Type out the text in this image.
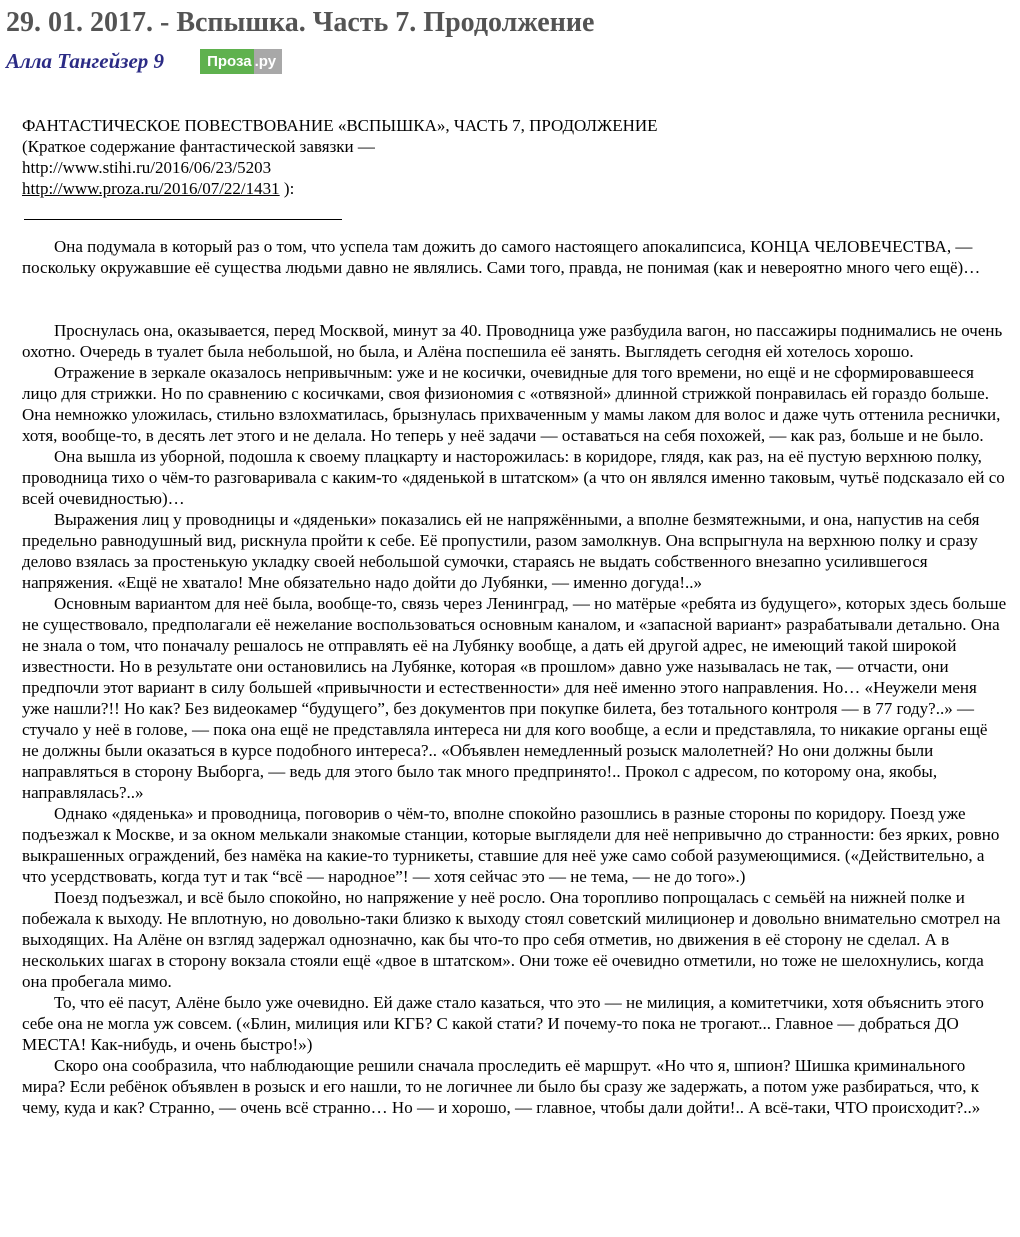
29. 01. 2017. - Вспышка. Часть 7. Продолжение
Алла Тангейзер 9	Проза .ру
ФАНТАСТИЧЕСКОЕ ПОВЕСТВОВАНИЕ «ВСПЫШКА», ЧАСТЬ 7, ПРОДОЛЖЕНИЕ
(Краткое содержание фантастической завязки —
http://www.stihi.ru/2016/06/23/5203
http://www.proza.ru/2016/07/22/1431 ):

Она подумала в который раз о том, что успела там дожить до самого настоящего апокалипсиса, КОНЦА ЧЕЛОВЕЧЕСТВА, — поскольку окружавшие её существа людьми давно не являлись. Сами того, правда, не понимая (как и невероятно много чего ещё)…

Проснулась она, оказывается, перед Москвой, минут за 40. Проводница уже разбудила вагон, но пассажиры поднимались не очень охотно. Очередь в туалет была небольшой, но была, и Алёна поспешила её занять. Выглядеть сегодня ей хотелось хорошо.

Отражение в зеркале оказалось непривычным: уже и не косички, очевидные для того времени, но ещё и не сформировавшееся лицо для стрижки. Но по сравнению с косичками, своя физиономия с «отвязной» длинной стрижкой понравилась ей гораздо больше. Она немножко уложилась, стильно взлохматилась, брызнулась прихваченным у мамы лаком для волос и даже чуть оттенила реснички, хотя, вообще-то, в десять лет этого и не делала. Но теперь у неё задачи — оставаться на себя похожей, — как раз, больше и не было.

Она вышла из уборной, подошла к своему плацкарту и насторожилась: в коридоре, глядя, как раз, на её пустую верхнюю полку, проводница тихо о чём-то разговаривала с каким-то «дяденькой в штатском» (а что он являлся именно таковым, чутьё подсказало ей со всей очевидностью)…

Выражения лиц у проводницы и «дяденьки» показались ей не напряжёнными, а вполне безмятежными, и она, напустив на себя предельно равнодушный вид, рискнула пройти к себе. Её пропустили, разом замолкнув. Она вспрыгнула на верхнюю полку и сразу делово взялась за простенькую укладку своей небольшой сумочки, стараясь не выдать собственного внезапно усилившегося напряжения. «Ещё не хватало! Мне обязательно надо дойти до Лубянки, — именно догуда!..»

Основным вариантом для неё была, вообще-то, связь через Ленинград, — но матёрые «ребята из будущего», которых здесь больше не существовало, предполагали её нежелание воспользоваться основным каналом, и «запасной вариант» разрабатывали детально. Она не знала о том, что поначалу решалось не отправлять её на Лубянку вообще, а дать ей другой адрес, не имеющий такой широкой известности. Но в результате они остановились на Лубянке, которая «в прошлом» давно уже называлась не так, — отчасти, они предпочли этот вариант в силу большей «привычности и естественности» для неё именно этого направления. Но… «Неужели меня уже нашли?!! Но как? Без видеокамер “будущего”, без документов при покупке билета, без тотального контроля — в 77 году?..» — стучало у неё в голове, — пока она ещё не представляла интереса ни для кого вообще, а если и представляла, то никакие органы ещё не должны были оказаться в курсе подобного интереса?.. «Объявлен немедленный розыск малолетней? Но они должны были направляться в сторону Выборга, — ведь для этого было так много предпринято!.. Прокол с адресом, по которому она, якобы, направлялась?..»

Однако «дяденька» и проводница, поговорив о чём-то, вполне спокойно разошлись в разные стороны по коридору. Поезд уже подъезжал к Москве, и за окном мелькали знакомые станции, которые выглядели для неё непривычно до странности: без ярких, ровно выкрашенных ограждений, без намёка на какие-то турникеты, ставшие для неё уже само собой разумеющимися. («Действительно, а что усердствовать, когда тут и так “всё — народное”! — хотя сейчас это — не тема, — не до того».)

Поезд подъезжал, и всё было спокойно, но напряжение у неё росло. Она торопливо попрощалась с семьёй на нижней полке и побежала к выходу. Не вплотную, но довольно-таки близко к выходу стоял советский милиционер и довольно внимательно смотрел на выходящих. На Алёне он взгляд задержал однозначно, как бы что-то про себя отметив, но движения в её сторону не сделал. А в нескольких шагах в сторону вокзала стояли ещё «двое в штатском». Они тоже её очевидно отметили, но тоже не шелохнулись, когда она пробегала мимо.

То, что её пасут, Алёне было уже очевидно. Ей даже стало казаться, что это — не милиция, а комитетчики, хотя объяснить этого себе она не могла уж совсем. («Блин, милиция или КГБ? С какой стати? И почему-то пока не трогают... Главное — добраться ДО МЕСТА! Как-нибудь, и очень быстро!»)

Скоро она сообразила, что наблюдающие решили сначала проследить её маршрут. «Но что я, шпион? Шишка криминального мира? Если ребёнок объявлен в розыск и его нашли, то не логичнее ли было бы сразу же задержать, а потом уже разбираться, что, к чему, куда и как? Странно, — очень всё странно… Но — и хорошо, — главное, чтобы дали дойти!.. А всё-таки, ЧТО происходит?..»
